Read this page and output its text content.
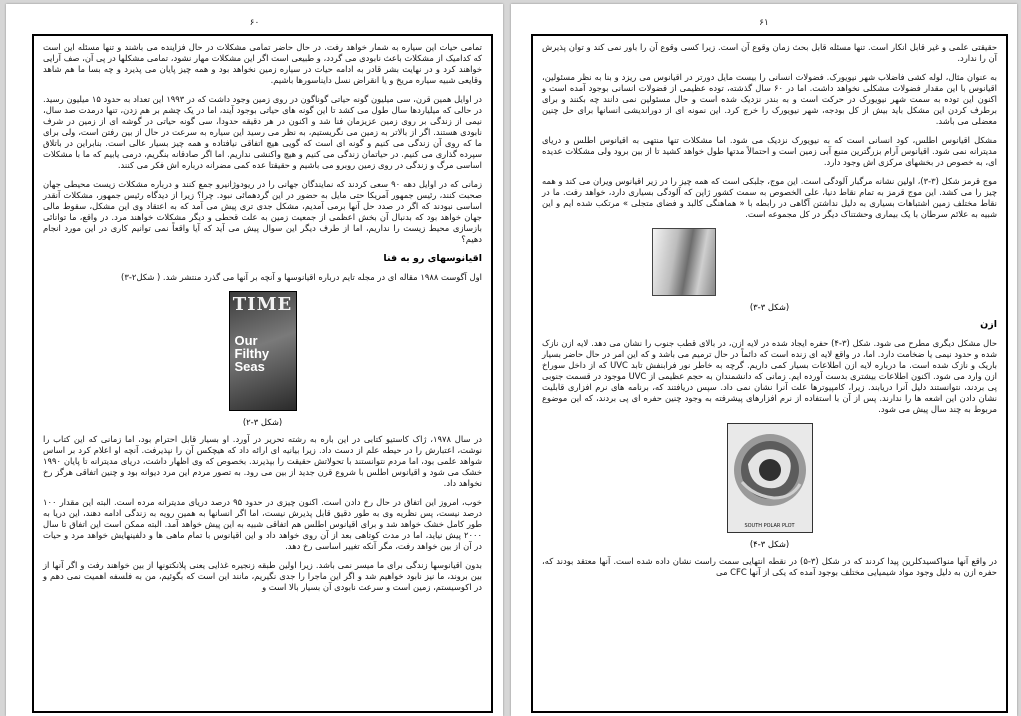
۶۰

تمامی حیات این سیاره به شمار خواهد رفت. در حال حاضر تمامی مشکلات در حال فزاینده می باشند و تنها مسئله این است که کدامیک از مشکلات باعث نابودی می گردد، و طبیعی است اگر این مشکلات مهار نشود، تمامی مشکلها در پی آن، صف آرایی خواهند کرد و در نهایت بشر قادر به ادامه حیات در سیاره زمین نخواهد بود و همه چیز پایان می پذیرد و چه بسا ما هم شاهد وقایعی شبیه سیاره مریخ و یا انقراض نسل دایناسورها باشیم.

در اوایل همین قرن، سی میلیون گونه حیاتی گوناگون در روی زمین وجود داشت که در ۱۹۹۳ این تعداد به حدود ۱۵ میلیون رسید. در حالی که میلیاردها سال طول می کشد تا این گونه های حیاتی بوجود آیند، اما در یک چشم بر هم زدن، تنها درمدت صد سال، نیمی از زندگی بر روی زمین عزیزمان فنا شد و اکنون در هر دقیقه حدودا، سی گونه حیاتی در گوشه ای از زمین در شرف نابودی هستند. اگر از بالاتر به زمین می نگریستیم، به نظر می رسید این سیاره به سرعت در حال از بین رفتن است، ولی برای ما که روی آن زندگی می کنیم و گونه ای است که گویی هیچ اتفاقی نیافتاده و همه چیز بسیار عالی است. بنابراین در باتلاق سپرده گذاری می کنیم. در حیاتمان زندگی می کنیم و هیچ واکنشی نداریم. اما اگر صادقانه بنگریم، درمی یابیم که ما با مشکلات اساسی مرگ و زندگی در روی زمین روبرو می باشیم و حقیقتا عده کمی مضرانه درباره اش فکر می کنند.

زمانی که در اوایل دهه ۹۰ سعی کردند که نمایندگان جهانی را در ریودوژانیرو جمع کنند و درباره مشکلات زیست محیطی جهان صحبت کنند، رئیس جمهور آمریکا حتی مایل به حضور در این گردهمائی نبود. چرا؟ زیرا از دیدگاه رئیس جمهور، مشکلات آنقدر اساسی نبودند که اگر در صدد حل آنها برمی آمدیم، مشکل جدی تری پیش می آمد که به اعتقاد وی این مشکل، سقوط مالی جهان خواهد بود که بدنبال آن بخش اعظمی از جمعیت زمین به علت قحطی و دیگر مشکلات خواهند مرد. در واقع، ما توانائی بازسازی محیط زیست را نداریم، اما از طرف دیگر این سوال پیش می آید که آیا واقعاً نمی توانیم کاری در این مورد انجام دهیم؟

اقیانوسهای رو به فنا

اول آگوست ۱۹۸۸ مقاله ای در مجله تایم درباره اقیانوسها و آنچه بر آنها می گذرد منتشر شد. ( شکل۲-۳)

TIME
Our Filthy Seas
(شکل ۳-۲)

در سال ۱۹۷۸، ژاک کاستیو کتابی در این باره به رشته تحریر در آورد. او بسیار قابل احترام بود، اما زمانی که این کتاب را نوشت، اعتبارش را در حیطه علم از دست داد. زیرا بیانیه ای ارائه داد که هیچکس آن را نپذیرفت. آنچه او اعلام کرد بر اساس شواهد علمی بود، اما مردم نتوانستند با تحولاتش حقیقت را بپذیرند. بخصوص که وی اظهار داشت، دریای مدیترانه تا پایان ۱۹۹۰ خشک می شود و اقیانوس اطلس با شروع قرن جدید از بین می رود. به تصور مردم این مرد دیوانه بود و چنین اتفاقی هرگز رخ نخواهد داد.

خوب، امروز این اتفاق در حال رخ دادن است. اکنون چیزی در حدود ۹۵ درصد دریای مدیترانه مرده است. البته این مقدار ۱۰۰ درصد نیست، پس نظریه وی به طور دقیق قابل پذیرش نیست، اما اگر انسانها به همین رویه به زندگی ادامه دهند، این دریا به طور کامل خشک خواهد شد و برای اقیانوس اطلس هم اتفاقی شبیه به این پیش خواهد آمد. البته ممکن است این اتفاق تا سال ۲۰۰۰ پیش نیاید، اما در مدت کوتاهی بعد از آن روی خواهد داد و این اقیانوس با تمام ماهی ها و دلفینهایش خواهد مرد و حیات در آن از بین خواهد رفت، مگر آنکه تغییر اساسی رخ دهد.

بدون اقیانوسها زندگی برای ما میسر نمی باشد. زیرا اولین طبقه زنجیره غذایی یعنی پلانکتونها از بین خواهند رفت و اگر آنها از بین بروند، ما نیز نابود خواهیم شد و اگر این ماجرا را جدی نگیریم، مانند این است که بگوئیم، من به فلسفه اهمیت نمی دهم و در اکوسیستم، زمین است و سرعت نابودی آن بسیار بالا است و

۶۱

حقیقتی علمی و غیر قابل انکار است. تنها مسئله قابل بحث زمان وقوع آن است. زیرا کسی وقوع آن را باور نمی کند و توان پذیرش آن را ندارد.

به عنوان مثال، لوله کشی فاضلاب شهر نیویورک. فضولات انسانی را بیست مایل دورتر در اقیانوس می ریزد و بنا به نظر مسئولین، اقیانوس با این مقدار فضولات مشکلی نخواهد داشت. اما در ۶۰ سال گذشته، توده عظیمی از فضولات انسانی بوجود آمده است و اکنون این توده به سمت شهر نیویورک در حرکت است و به بندر نزدیک شده است و حال مسئولین نمی دانند چه بکنند و برای برطرف کردن این مشکل باید بیش از کل بودجه، شهر نیویورک را خرج کرد. این نمونه ای از دوراندیشی انسانها برای حل چنین معضلی می باشد.

مشکل اقیانوس اطلس، کود انسانی است که به نیویورک نزدیک می شود. اما مشکلات تنها منتهی به اقیانوس اطلس و دریای مدیترانه نمی شود. اقیانوس آرام بزرگترین منبع آبی زمین است و احتمالاً مدتها طول خواهد کشید تا از بین برود ولی مشکلات عدیده ای، به خصوص در بخشهای مرکزی اش وجود دارد.

موج قرمز شکل (۳-۳)، اولین نشانه مرگبار آلودگی است. این موج، جلبکی است که همه چیز را در زیر اقیانوس ویران می کند و همه چیز را می کشد. این موج قرمز به تمام نقاط دنیا، علی الخصوص به سمت کشور ژاپن که آلودگی بسیاری دارد، خواهد رفت. ما در نقاط مختلف زمین اشتباهات بسیاری به دلیل نداشتن آگاهی در رابطه با « هماهنگی کالبد و فضای متجلی » مرتکب شده ایم و این شبیه به علائم سرطان با یک بیماری وحشتناک دیگر در کل مجموعه است.

(شکل ۳-۳)
ازن

حال مشکل دیگری مطرح می شود. شکل (۳-۴) حفره ایجاد شده در لایه ازن، در بالای قطب جنوب را نشان می دهد. لایه ازن نازک شده و حدود نیمی یا ضخامت دارد. اما، در واقع لایه ای زنده است که دائماً در حال ترمیم می باشد و که این امر در حال حاضر بسیار باریک و نازک شده است. ما درباره لایه ازن اطلاعات بسیار کمی داریم. گرچه به خاطر نور فرابنفش تابد UVC که از داخل سوراخ ازن وارد می شود. اکنون اطلاعات بیشتری بدست آورده ایم. زمانی که دانشمندان به حجم عظیمی از UVC موجود در قسمت جنوبی پی بردند، نتوانستند دلیل آنرا دریابند. زیرا، کامپیوترها علت آنرا نشان نمی داد. سپس دریافتند که، برنامه های نرم افزاری قابلیت نشان دادن این اشعه ها را ندارند. پس از آن با استفاده از نرم افزارهای پیشرفته به وجود چنین حفره ای پی بردند، که این موضوع مربوط به چند سال پیش می شود.

SOUTH POLAR PLOT
(شکل ۳-۴)

در واقع آنها منواکسیدکلرین پیدا کردند که در شکل (۳-۵) در نقطه انتهایی سمت راست نشان داده شده است. آنها معتقد بودند که، حفره ازن به دلیل وجود مواد شیمیایی مختلف بوجود آمده که یکی از آنها CFC می
